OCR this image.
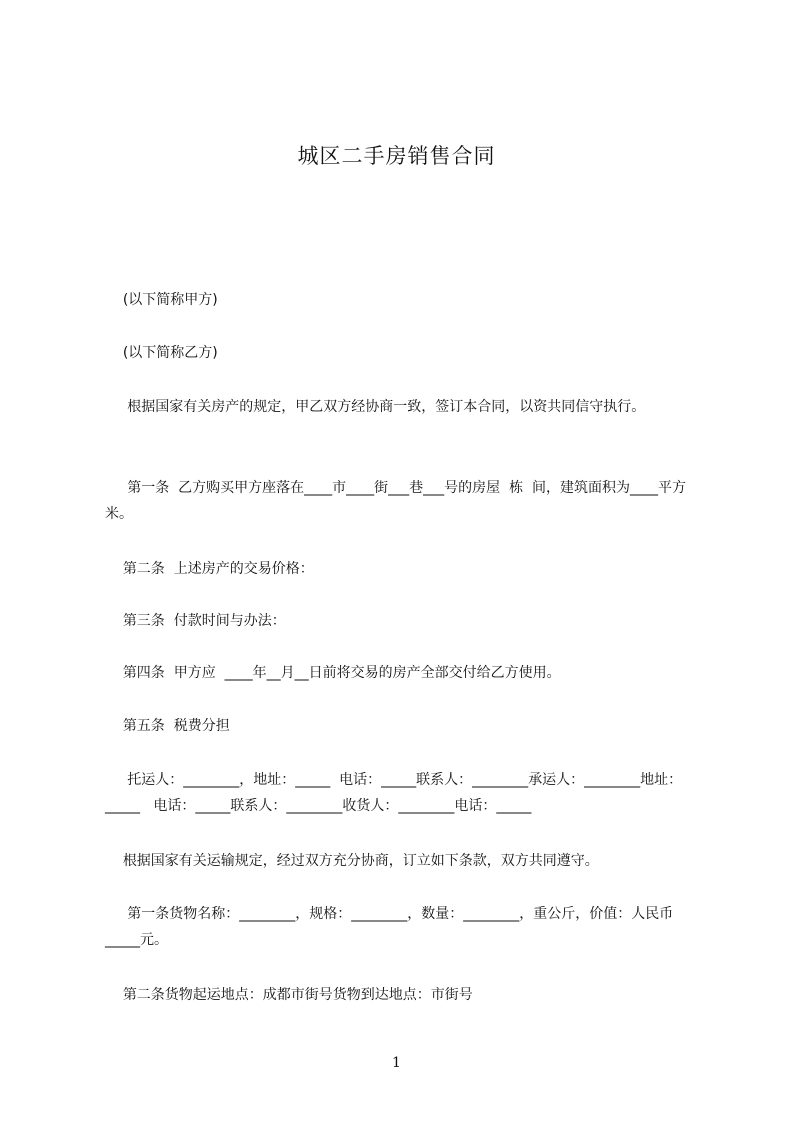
城区二手房销售合同
(以下简称甲方)
(以下简称乙方)
根据国家有关房产的规定，甲乙双方经协商一致，签订本合同，以资共同信守执行。
第一条  乙方购买甲方座落在____市____街___巷___号的房屋  栋  间，建筑面积为____平方米。
第二条  上述房产的交易价格：
第三条  付款时间与办法：
第四条  甲方应  ____年__月__日前将交易的房产全部交付给乙方使用。
第五条  税费分担
托运人：________，地址：_____  电话：_____联系人：________承运人：________地址：_____   电话：_____联系人：________收货人：________电话：_____
根据国家有关运输规定，经过双方充分协商，订立如下条款，双方共同遵守。
第一条货物名称：________，规格：________，数量：________，重公斤，价值：人民币_____元。
第二条货物起运地点：成都市街号货物到达地点：市街号
1
